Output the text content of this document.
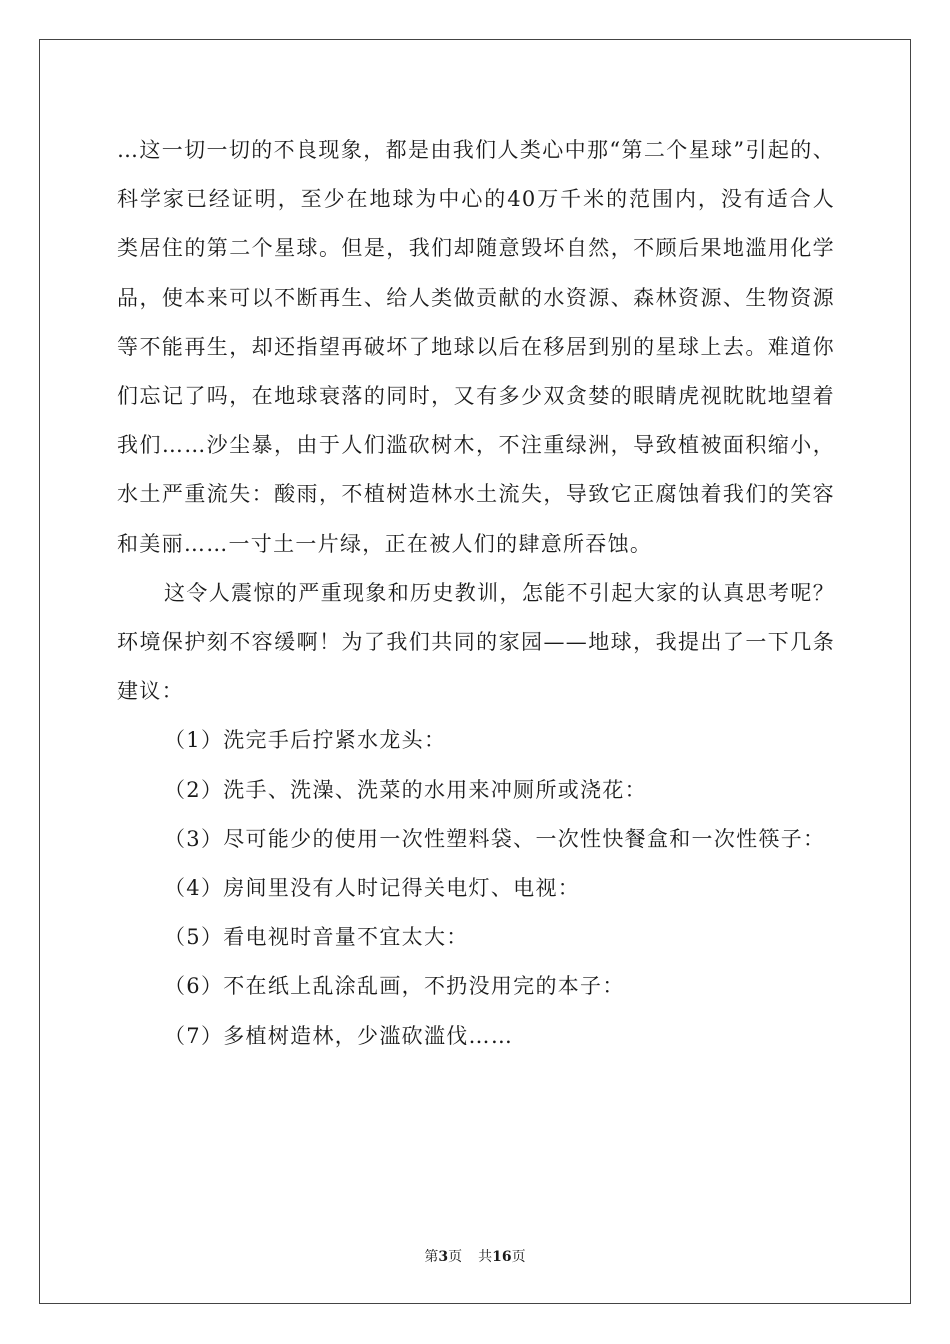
…这一切一切的不良现象，都是由我们人类心中那“第二个星球”引起的、科学家已经证明，至少在地球为中心的40万千米的范围内，没有适合人类居住的第二个星球。但是，我们却随意毁坏自然，不顾后果地滥用化学品，使本来可以不断再生、给人类做贡献的水资源、森林资源、生物资源等不能再生，却还指望再破坏了地球以后在移居到别的星球上去。难道你们忘记了吗，在地球衰落的同时，又有多少双贪婪的眼睛虎视眈眈地望着我们……沙尘暴，由于人们滥砍树木，不注重绿洲，导致植被面积缩小，水土严重流失：酸雨，不植树造林水土流失，导致它正腐蚀着我们的笑容和美丽……一寸土一片绿，正在被人们的肆意所吞蚀。

这令人震惊的严重现象和历史教训，怎能不引起大家的认真思考呢？环境保护刻不容缓啊！为了我们共同的家园——地球，我提出了一下几条建议：

（1）洗完手后拧紧水龙头：

（2）洗手、洗澡、洗菜的水用来冲厕所或浇花：

（3）尽可能少的使用一次性塑料袋、一次性快餐盒和一次性筷子：

（4）房间里没有人时记得关电灯、电视：

（5）看电视时音量不宜太大：

（6）不在纸上乱涂乱画，不扔没用完的本子：

（7）多植树造林，少滥砍滥伐……

第3页 共16页
